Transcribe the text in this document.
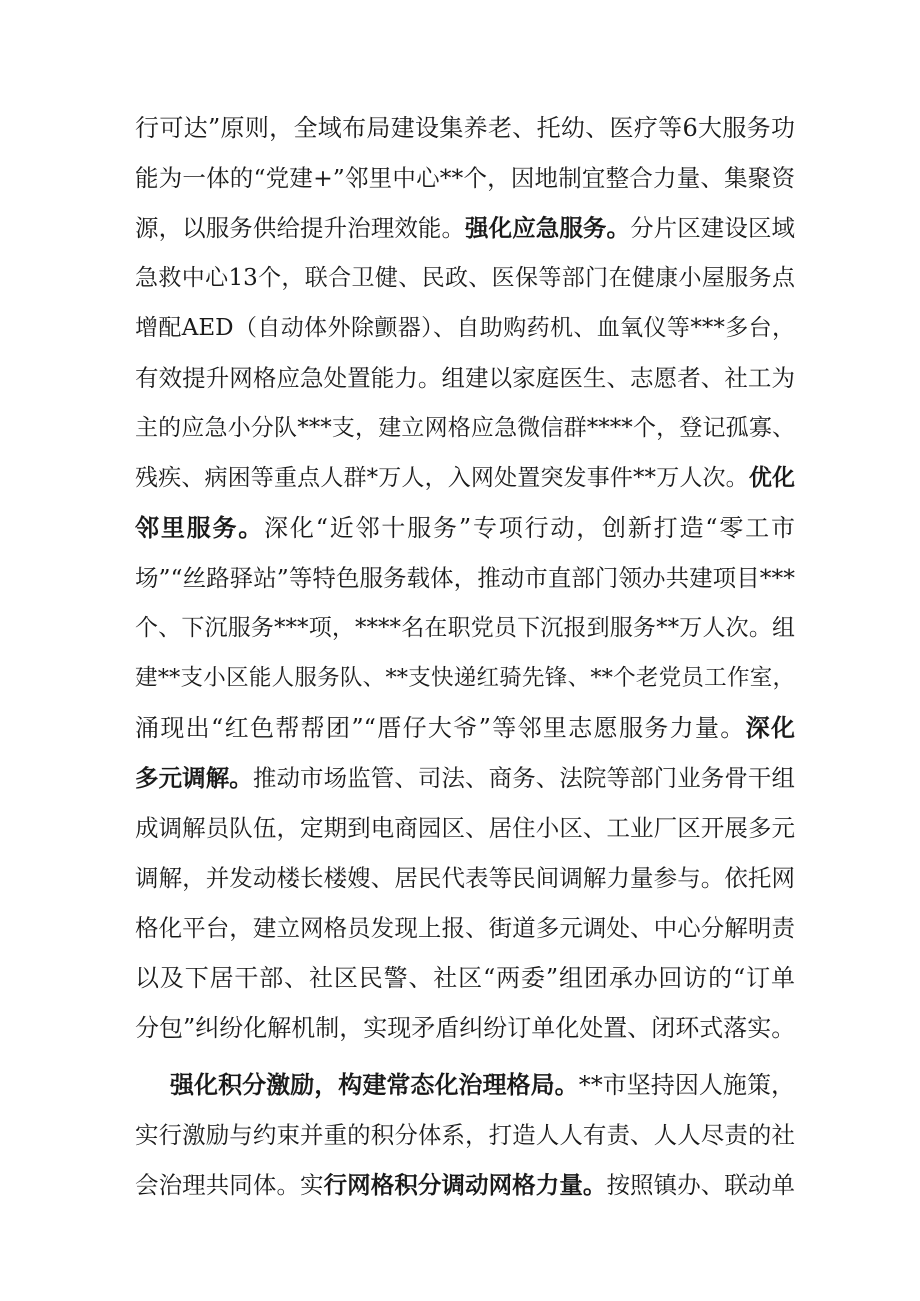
行可达”原则，全域布局建设集养老、托幼、医疗等6大服务功
能为一体的“党建+”邻里中心**个，因地制宜整合力量、集聚资
源，以服务供给提升治理效能。强化应急服务。分片区建设区域
急救中心13个，联合卫健、民政、医保等部门在健康小屋服务点
增配AED（自动体外除颤器）、自助购药机、血氧仪等***多台，
有效提升网格应急处置能力。组建以家庭医生、志愿者、社工为
主的应急小分队***支，建立网格应急微信群****个，登记孤寡、
残疾、病困等重点人群*万人，入网处置突发事件**万人次。优化
邻里服务。深化“近邻十服务”专项行动，创新打造“零工市
场”“丝路驿站”等特色服务载体，推动市直部门领办共建项目***
个、下沉服务***项，****名在职党员下沉报到服务**万人次。组
建**支小区能人服务队、**支快递红骑先锋、**个老党员工作室，
涌现出“红色帮帮团”“厝仔大爷”等邻里志愿服务力量。深化
多元调解。推动市场监管、司法、商务、法院等部门业务骨干组
成调解员队伍，定期到电商园区、居住小区、工业厂区开展多元
调解，并发动楼长楼嫂、居民代表等民间调解力量参与。依托网
格化平台，建立网格员发现上报、街道多元调处、中心分解明责
以及下居干部、社区民警、社区“两委”组团承办回访的“订单
分包”纠纷化解机制，实现矛盾纠纷订单化处置、闭环式落实。
强化积分激励，构建常态化治理格局。**市坚持因人施策，
实行激励与约束并重的积分体系，打造人人有责、人人尽责的社
会治理共同体。实行网格积分调动网格力量。按照镇办、联动单
